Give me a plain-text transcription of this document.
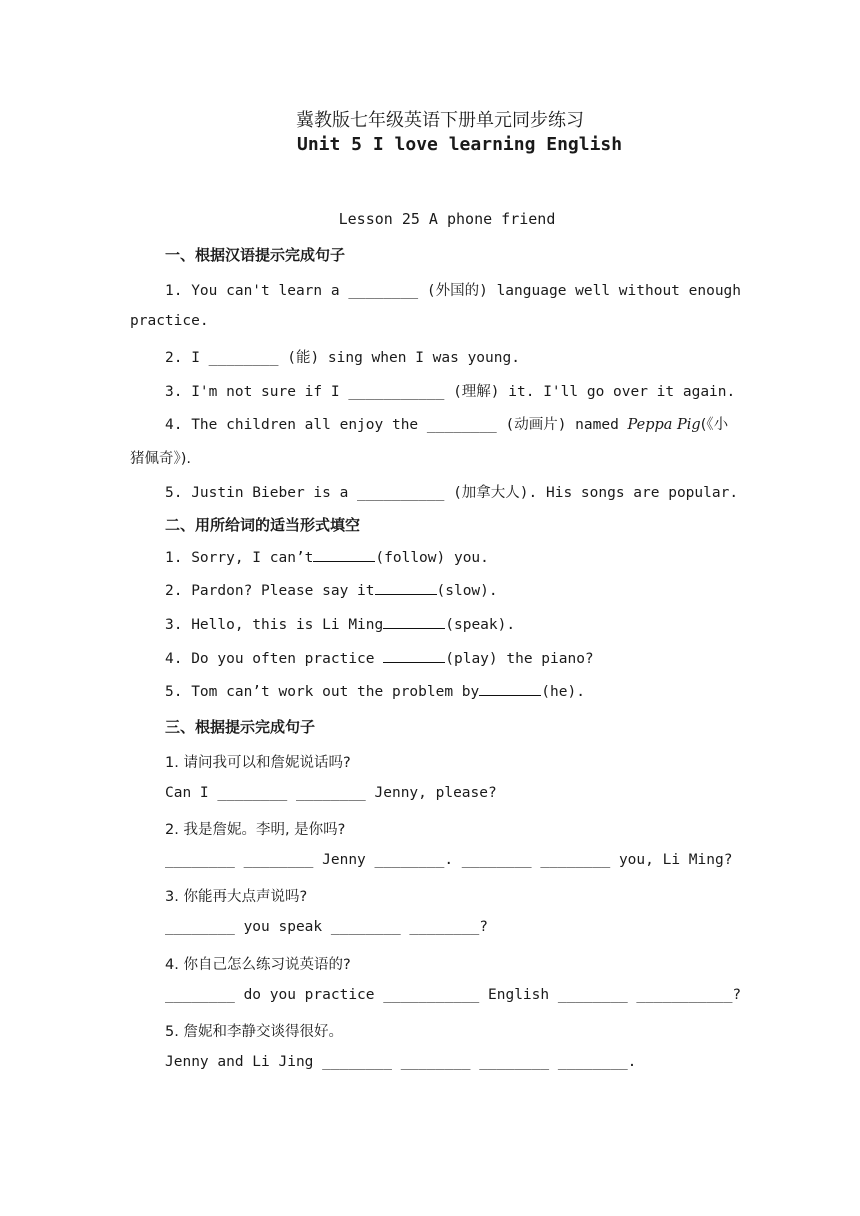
冀教版七年级英语下册单元同步练习
Unit 5 I love learning English
Lesson 25 A phone friend
一、根据汉语提示完成句子
1. You can't learn a ________ (外国的) language well without enough
practice.
2. I ________ (能) sing when I was young.
3. I'm not sure if I ___________ (理解) it. I'll go over it again.
4. The children all enjoy the ________ (动画片) named Peppa Pig(《小
猪佩奇》).
5. Justin Bieber is a __________ (加拿大人). His songs are popular.
二、用所给词的适当形式填空
1. Sorry, I can’t	(follow) you.
2. Pardon? Please say it	(slow).
3. Hello, this is Li Ming	(speak).
4. Do you often practice	(play) the piano?
5. Tom can’t work out the problem by	(he).
三、根据提示完成句子
1. 请问我可以和詹妮说话吗?
Can I ________ ________ Jenny, please?
2. 我是詹妮。李明, 是你吗?
________ ________ Jenny ________. ________ ________ you, Li Ming?
3. 你能再大点声说吗?
________ you speak ________ ________?
4. 你自己怎么练习说英语的?
________ do you practice ___________ English ________ ___________?
5. 詹妮和李静交谈得很好。
Jenny and Li Jing ________ ________ ________ ________.
